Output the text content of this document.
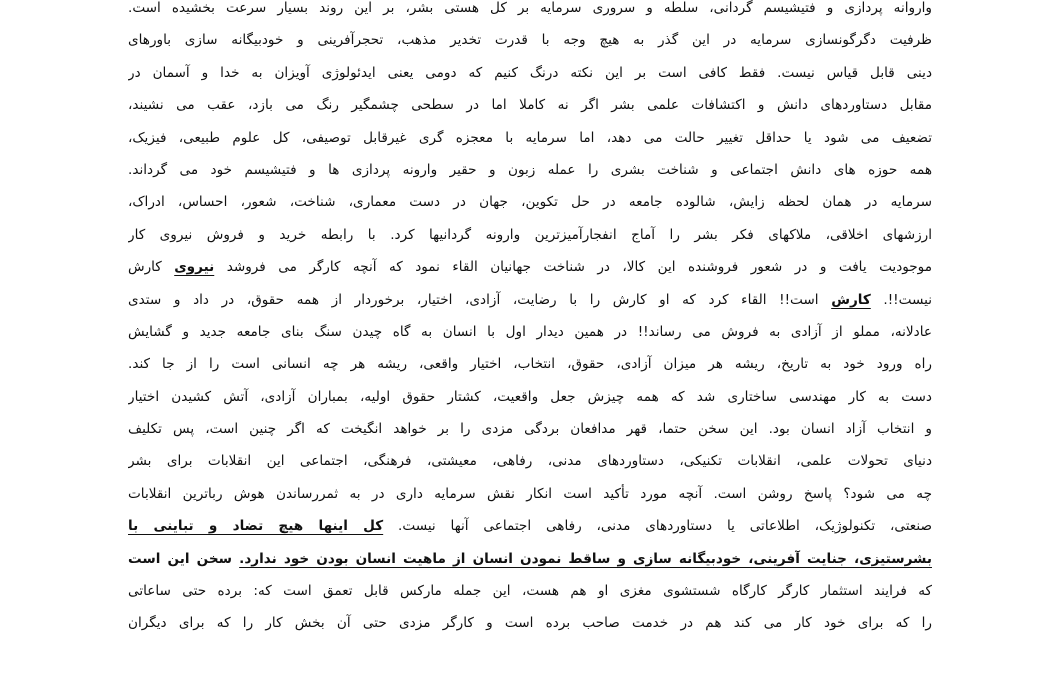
واروانه پردازی و فتیشیسم گردانی، سلطه و سروری سرمایه بر کل هستی بشر، بر این روند بسیار سرعت بخشیده است.
ظرفیت دگرگونسازی سرمایه در این گذر به هیچ وجه با قدرت تخدیر مذهب، تحجرآفرینی و خودبیگانه سازی باورهای
دینی قابل قیاس نیست. فقط کافی است بر این نکته درنگ کنیم که دومی یعنی ایدئولوژی آویزان به خدا و آسمان در
مقابل دستاوردهای دانش و اکتشافات علمی بشر اگر نه کاملا اما در سطحی چشمگیر رنگ می بازد، عقب می نشیند،
تضعیف می شود یا حداقل تغییر حالت می دهد، اما سرمایه با معجزه گری غیرقابل توصیفی، کل علوم طبیعی، فیزیک،
همه حوزه های دانش اجتماعی و شناخت بشری را عمله زبون و حقیر وارونه پردازی ها و فتیشیسم خود می گرداند.
سرمایه در همان لحظه زایش، شالوده جامعه در حل تکوین، جهان در دست معماری، شناخت، شعور، احساس، ادراک،
ارزشهای اخلاقی، ملاکهای فکر بشر را آماج انفجارآمیزترین وارونه گردانیها کرد. با رابطه خرید و فروش نیروی کار
موجودیت یافت و در شعور فروشنده این کالا، در شناخت جهانیان القاء نمود که آنچه کارگر می فروشد نیروی کارش
نیست!!. کارش است!! القاء کرد که او کارش را با رضایت، آزادی، اختیار، برخوردار از همه حقوق، در داد و ستدی
عادلانه، مملو از آزادی به فروش می رساند!! در همین دیدار اول با انسان به گاه چیدن سنگ بنای جامعه جدید و گشایش
راه ورود خود به تاریخ، ریشه هر میزان آزادی، حقوق، انتخاب، اختیار واقعی، ریشه هر چه انسانی است را از جا کند.
دست به کار مهندسی ساختاری شد که همه چیزش جعل واقعیت، کشتار حقوق اولیه، بمباران آزادی، آتش کشیدن اختیار
و انتخاب آزاد انسان بود. این سخن حتما، قهر مدافعان بردگی مزدی را بر خواهد انگیخت که اگر چنین است، پس تکلیف
دنیای تحولات علمی، انقلابات تکنیکی، دستاوردهای مدنی، رفاهی، معیشتی، فرهنگی، اجتماعی این انقلابات برای بشر
چه می شود؟ پاسخ روشن است. آنچه مورد تأکید است انکار نقش سرمایه داری در به ثمررساندن هوش رباترین انقلابات
صنعتی، تکنولوژیک، اطلاعاتی یا دستاوردهای مدنی، رفاهی اجتماعی آنها نیست. کل اینها هیچ تضاد و تباینی با
بشرستیزی، جنایت آفرینی، خودبیگانه سازی و ساقط نمودن انسان از ماهیت انسان بودن خود ندارد. سخن این است
که فرایند استثمار کارگر کارگاه شستشوی مغزی او هم هست، این جمله مارکس قابل تعمق است که: برده حتی ساعاتی
را که برای خود کار می کند هم در خدمت صاحب برده است و کارگر مزدی حتی آن بخش کار را که برای دیگران
